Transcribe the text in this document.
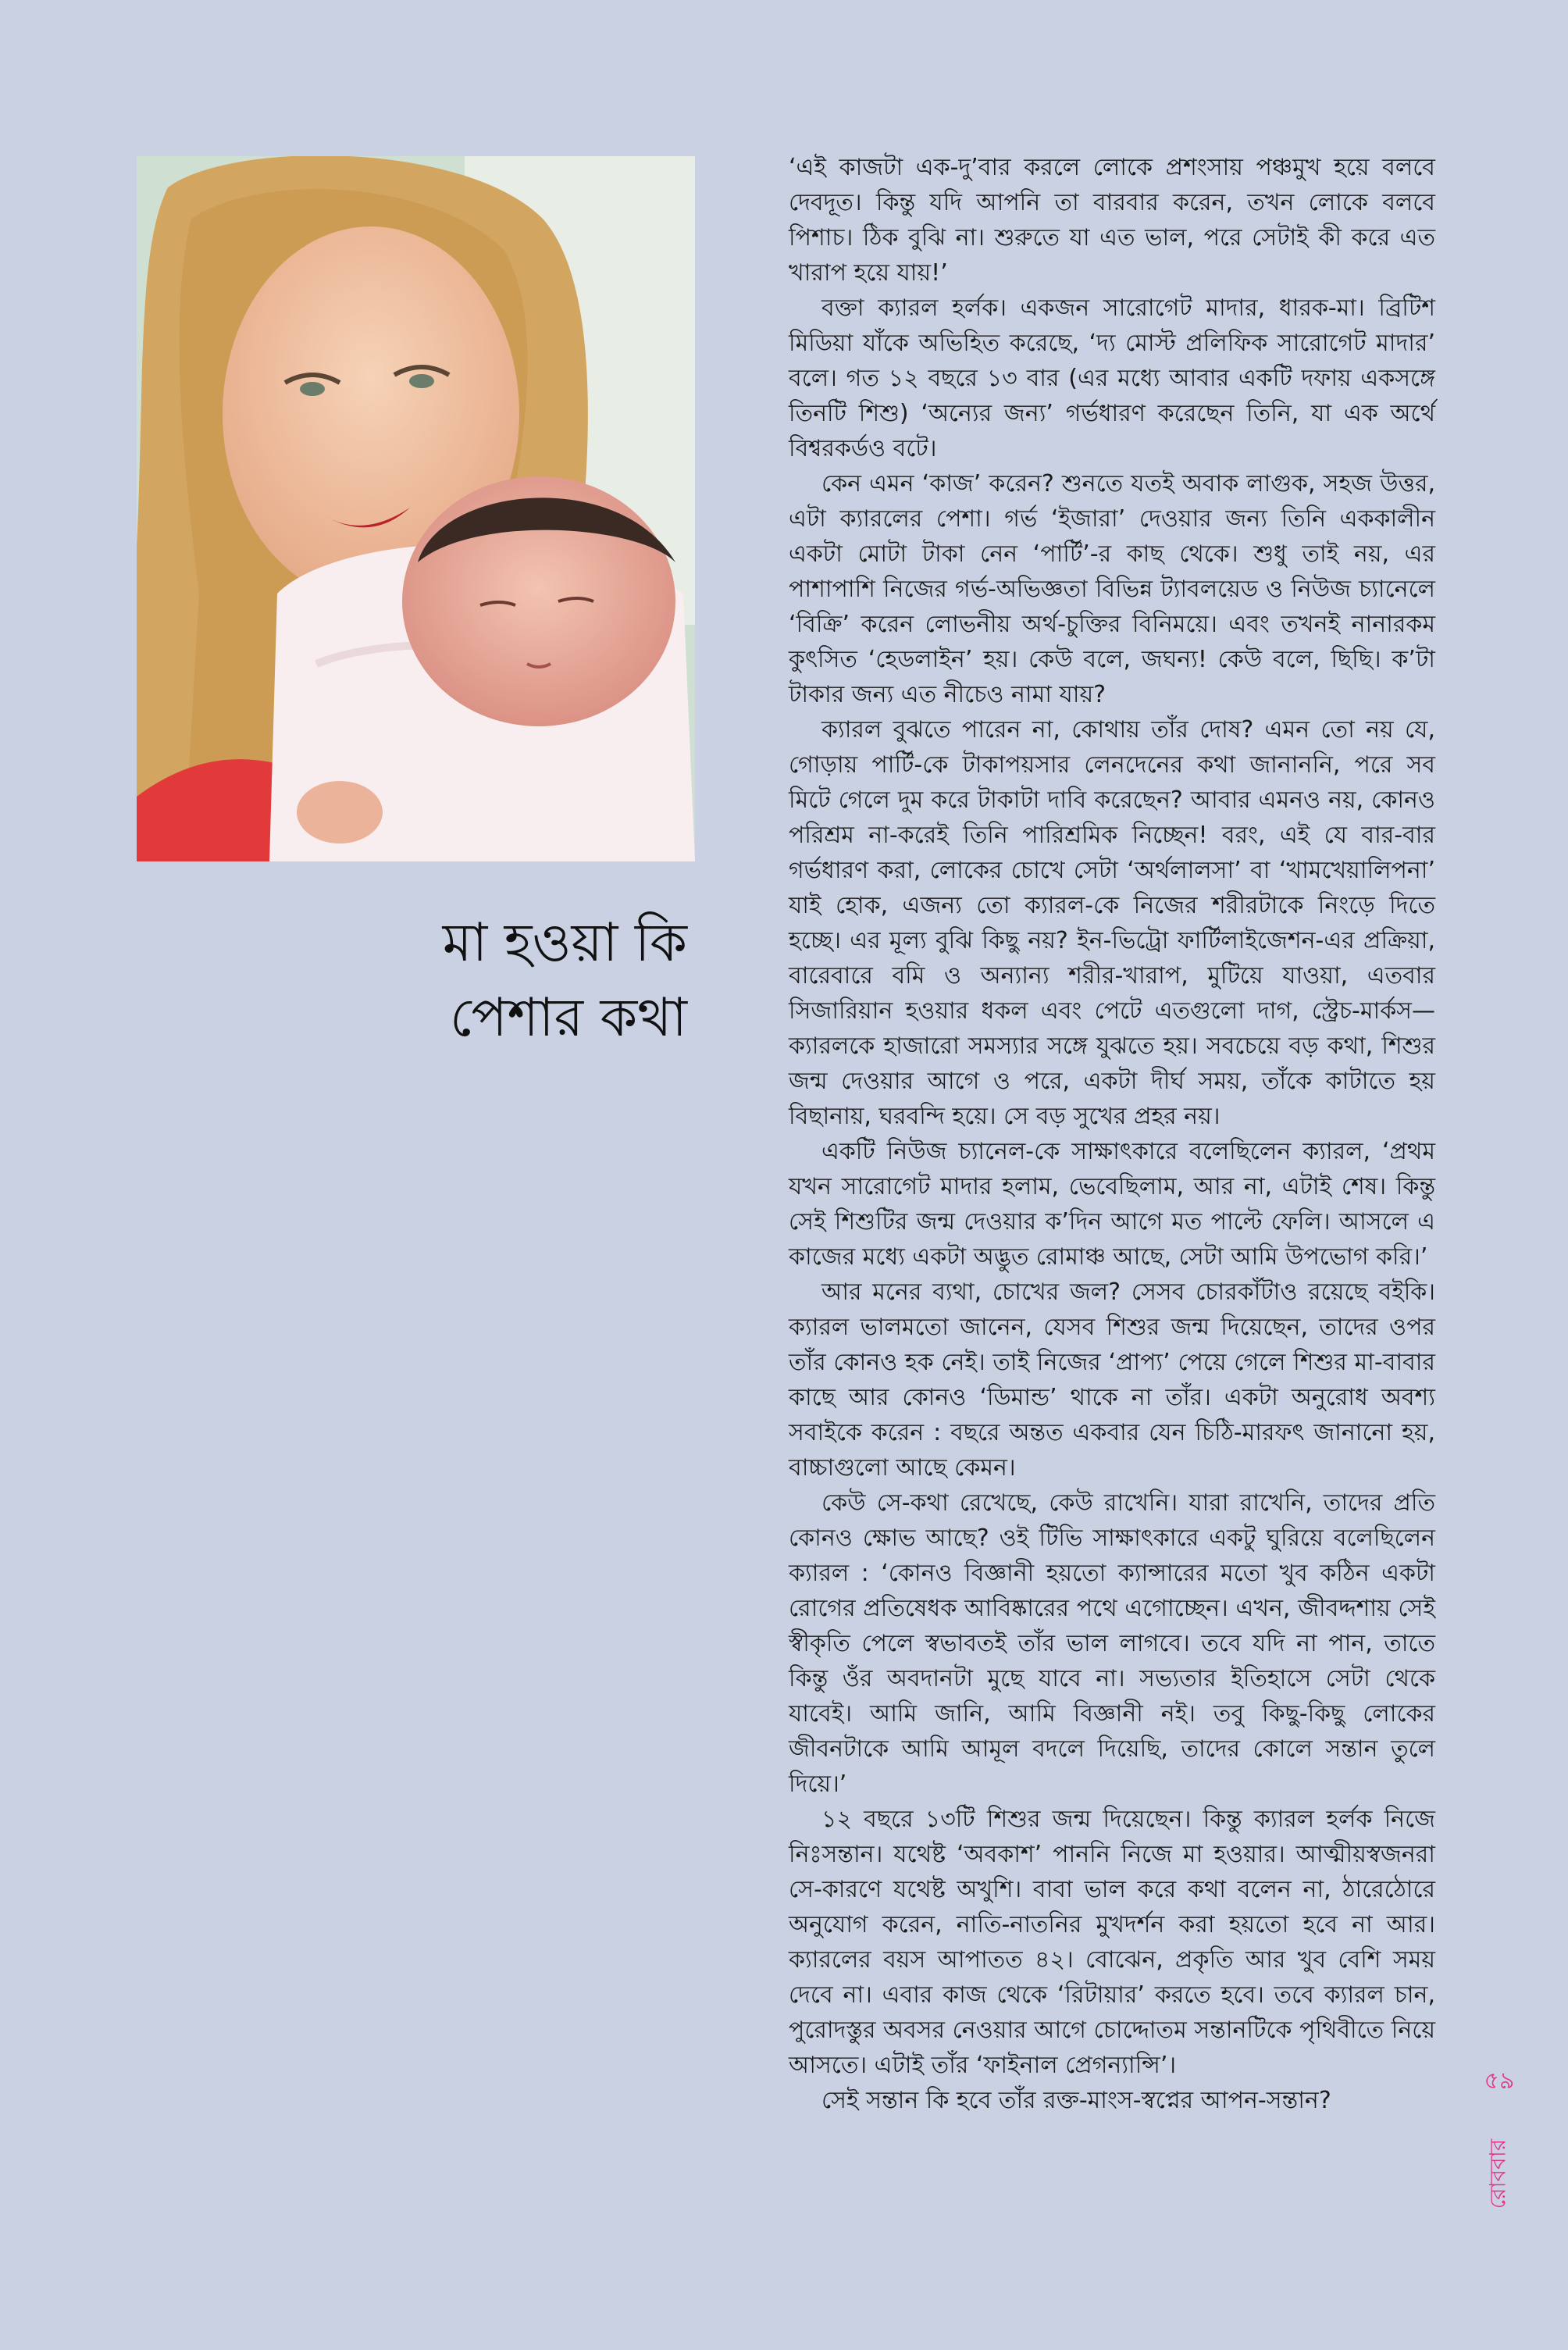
মা হওয়া কি
পেশার কথা

‘এই কাজটা এক-দু’বার করলে লোকে প্রশংসায় পঞ্চমুখ হয়ে বলবে দেবদূত। কিন্তু যদি আপনি তা বারবার করেন, তখন লোকে বলবে পিশাচ। ঠিক বুঝি না। শুরুতে যা এত ভাল, পরে সেটাই কী করে এত খারাপ হয়ে যায়!’

বক্তা ক্যারল হর্লক। একজন সারোগেট মাদার, ধারক-মা। ব্রিটিশ মিডিয়া যাঁকে অভিহিত করেছে, ‘দ্য মোস্ট প্রলিফিক সারোগেট মাদার’ বলে। গত ১২ বছরে ১৩ বার (এর মধ্যে আবার একটি দফায় একসঙ্গে তিনটি শিশু) ‘অন্যের জন্য’ গর্ভধারণ করেছেন তিনি, যা এক অর্থে বিশ্বরকর্ডও বটে।

কেন এমন ‘কাজ’ করেন? শুনতে যতই অবাক লাগুক, সহজ উত্তর, এটা ক্যারলের পেশা। গর্ভ ‘ইজারা’ দেওয়ার জন্য তিনি এককালীন একটা মোটা টাকা নেন ‘পার্টি’-র কাছ থেকে। শুধু তাই নয়, এর পাশাপাশি নিজের গর্ভ-অভিজ্ঞতা বিভিন্ন ট্যাবলয়েড ও নিউজ চ্যানেলে ‘বিক্রি’ করেন লোভনীয় অর্থ-চুক্তির বিনিময়ে। এবং তখনই নানারকম কুৎসিত ‘হেডলাইন’ হয়। কেউ বলে, জঘন্য! কেউ বলে, ছিছি। ক’টা টাকার জন্য এত নীচেও নামা যায়?

ক্যারল বুঝতে পারেন না, কোথায় তাঁর দোষ? এমন তো নয় যে, গোড়ায় পার্টি-কে টাকাপয়সার লেনদেনের কথা জানাননি, পরে সব মিটে গেলে দুম করে টাকাটা দাবি করেছেন? আবার এমনও নয়, কোনও পরিশ্রম না-করেই তিনি পারিশ্রমিক নিচ্ছেন! বরং, এই যে বার-বার গর্ভধারণ করা, লোকের চোখে সেটা ‘অর্থলালসা’ বা ‘খামখেয়ালিপনা’ যাই হোক, এজন্য তো ক্যারল-কে নিজের শরীরটাকে নিংড়ে দিতে হচ্ছে। এর মূল্য বুঝি কিছু নয়? ইন-ভিট্রো ফার্টিলাইজেশন-এর প্রক্রিয়া, বারেবারে বমি ও অন্যান্য শরীর-খারাপ, মুটিয়ে যাওয়া, এতবার সিজারিয়ান হওয়ার ধকল এবং পেটে এতগুলো দাগ, স্ট্রেচ-মার্কস—ক্যারলকে হাজারো সমস্যার সঙ্গে যুঝতে হয়। সবচেয়ে বড় কথা, শিশুর জন্ম দেওয়ার আগে ও পরে, একটা দীর্ঘ সময়, তাঁকে কাটাতে হয় বিছানায়, ঘরবন্দি হয়ে। সে বড় সুখের প্রহর নয়।

একটি নিউজ চ্যানেল-কে সাক্ষাৎকারে বলেছিলেন ক্যারল, ‘প্রথম যখন সারোগেট মাদার হলাম, ভেবেছিলাম, আর না, এটাই শেষ। কিন্তু সেই শিশুটির জন্ম দেওয়ার ক’দিন আগে মত পাল্টে ফেলি। আসলে এ কাজের মধ্যে একটা অদ্ভুত রোমাঞ্চ আছে, সেটা আমি উপভোগ করি।’

আর মনের ব্যথা, চোখের জল? সেসব চোরকাঁটাও রয়েছে বইকি। ক্যারল ভালমতো জানেন, যেসব শিশুর জন্ম দিয়েছেন, তাদের ওপর তাঁর কোনও হক নেই। তাই নিজের ‘প্রাপ্য’ পেয়ে গেলে শিশুর মা-বাবার কাছে আর কোনও ‘ডিমান্ড’ থাকে না তাঁর। একটা অনুরোধ অবশ্য সবাইকে করেন : বছরে অন্তত একবার যেন চিঠি-মারফৎ জানানো হয়, বাচ্চাগুলো আছে কেমন।

কেউ সে-কথা রেখেছে, কেউ রাখেনি। যারা রাখেনি, তাদের প্রতি কোনও ক্ষোভ আছে? ওই টিভি সাক্ষাৎকারে একটু ঘুরিয়ে বলেছিলেন ক্যারল : ‘কোনও বিজ্ঞানী হয়তো ক্যান্সারের মতো খুব কঠিন একটা রোগের প্রতিষেধক আবিষ্কারের পথে এগোচ্ছেন। এখন, জীবদ্দশায় সেই স্বীকৃতি পেলে স্বভাবতই তাঁর ভাল লাগবে। তবে যদি না পান, তাতে কিন্তু ওঁর অবদানটা মুছে যাবে না। সভ্যতার ইতিহাসে সেটা থেকে যাবেই। আমি জানি, আমি বিজ্ঞানী নই। তবু কিছু-কিছু লোকের জীবনটাকে আমি আমূল বদলে দিয়েছি, তাদের কোলে সন্তান তুলে দিয়ে।’

১২ বছরে ১৩টি শিশুর জন্ম দিয়েছেন। কিন্তু ক্যারল হর্লক নিজে নিঃসন্তান। যথেষ্ট ‘অবকাশ’ পাননি নিজে মা হওয়ার। আত্মীয়স্বজনরা সে-কারণে যথেষ্ট অখুশি। বাবা ভাল করে কথা বলেন না, ঠারেঠোরে অনুযোগ করেন, নাতি-নাতনির মুখদর্শন করা হয়তো হবে না আর। ক্যারলের বয়স আপাতত ৪২। বোঝেন, প্রকৃতি আর খুব বেশি সময় দেবে না। এবার কাজ থেকে ‘রিটায়ার’ করতে হবে। তবে ক্যারল চান, পুরোদস্তুর অবসর নেওয়ার আগে চোদ্দোতম সন্তানটিকে পৃথিবীতে নিয়ে আসতে। এটাই তাঁর ‘ফাইনাল প্রেগন্যান্সি’।

সেই সন্তান কি হবে তাঁর রক্ত-মাংস-স্বপ্নের আপন-সন্তান?

৫৯
রোববার
